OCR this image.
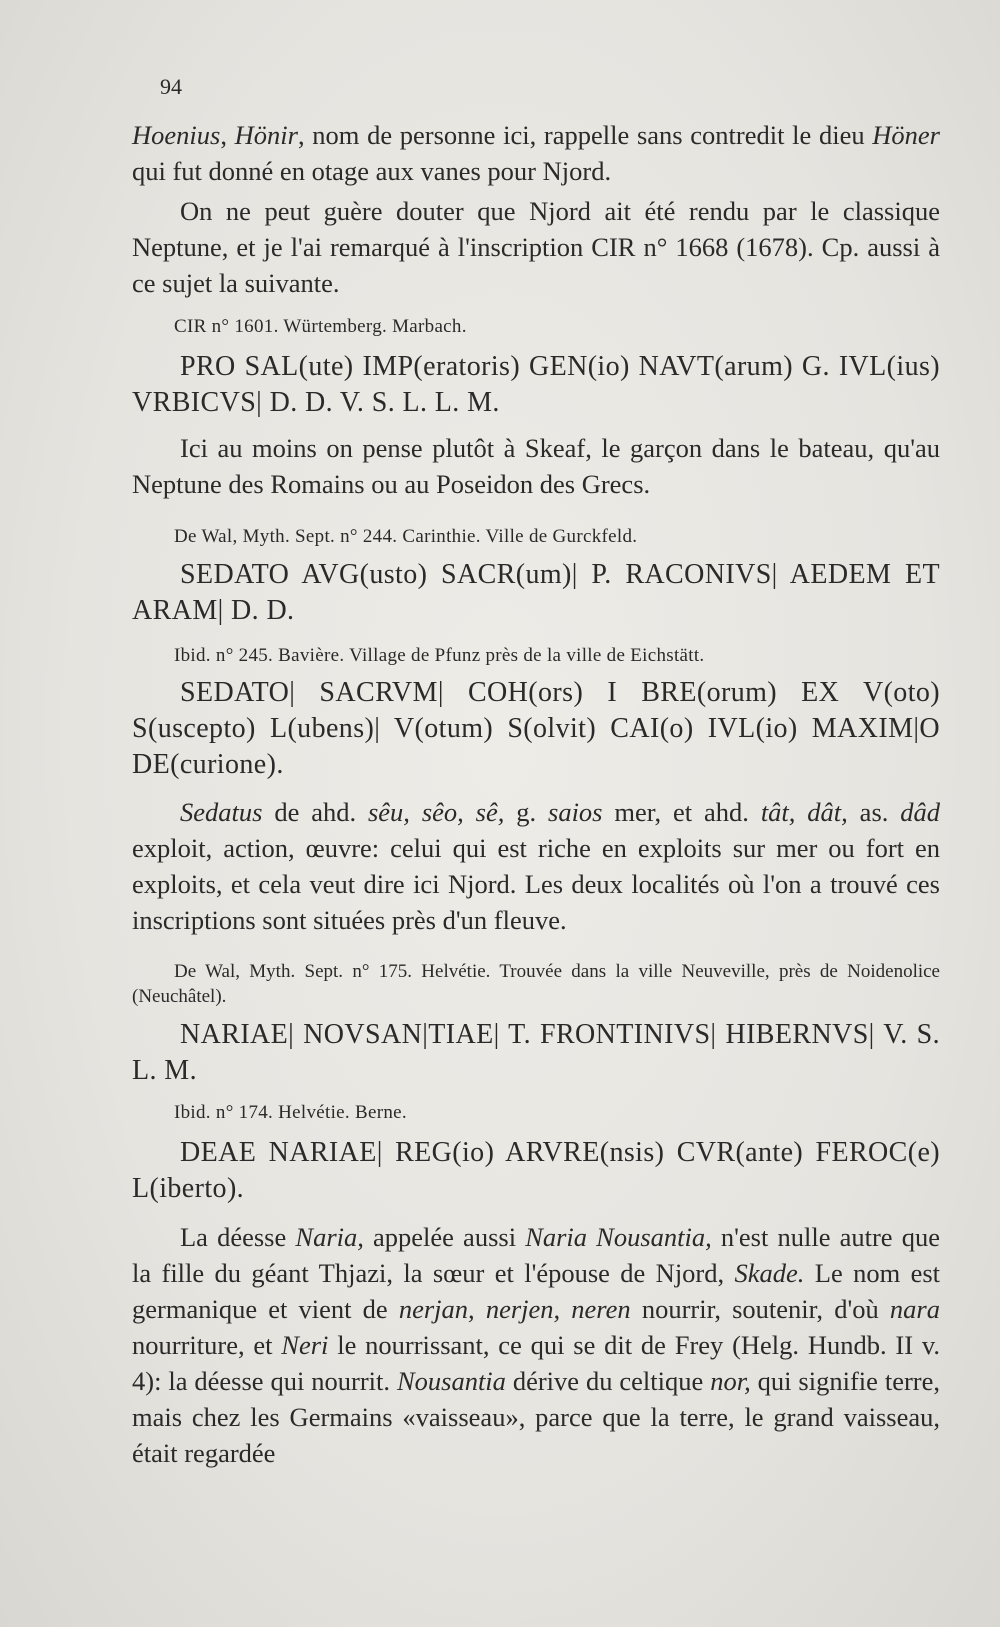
94

Hoenius, Hönir, nom de personne ici, rappelle sans contredit le dieu Höner qui fut donné en otage aux vanes pour Njord.

On ne peut guère douter que Njord ait été rendu par le classique Neptune, et je l'ai remarqué à l'inscription CIR n° 1668 (1678). Cp. aussi à ce sujet la suivante.

CIR n° 1601. Würtemberg. Marbach.

PRO SAL(ute) IMP(eratoris) GEN(io) NAVT(arum) G. IVL(ius) VRBICVS| D. D. V. S. L. L. M.

Ici au moins on pense plutôt à Skeaf, le garçon dans le bateau, qu'au Neptune des Romains ou au Poseidon des Grecs.

De Wal, Myth. Sept. n° 244. Carinthie. Ville de Gurckfeld.

SEDATO AVG(usto) SACR(um)| P. RACONIVS| AEDEM ET ARAM| D. D.

Ibid. n° 245. Bavière. Village de Pfunz près de la ville de Eichstätt.

SEDATO| SACRVM| COH(ors) I BRE(orum) EX V(oto) S(uscepto) L(ubens)| V(otum) S(olvit) CAI(o) IVL(io) MAXIM|O DE(curione).

Sedatus de ahd. sêu, sêo, sê, g. saios mer, et ahd. tât, dât, as. dâd exploit, action, œuvre: celui qui est riche en exploits sur mer ou fort en exploits, et cela veut dire ici Njord. Les deux localités où l'on a trouvé ces inscriptions sont situées près d'un fleuve.

De Wal, Myth. Sept. n° 175. Helvétie. Trouvée dans la ville Neuveville, près de Noidenolice (Neuchâtel).

NARIAE| NOVSAN|TIAE| T. FRONTINIVS| HIBERNVS| V. S. L. M.

Ibid. n° 174. Helvétie. Berne.

DEAE NARIAE| REG(io) ARVRE(nsis) CVR(ante) FEROC(e) L(iberto).

La déesse Naria, appelée aussi Naria Nousantia, n'est nulle autre que la fille du géant Thjazi, la sœur et l'épouse de Njord, Skade. Le nom est germanique et vient de nerjan, nerjen, neren nourrir, soutenir, d'où nara nourriture, et Neri le nourrissant, ce qui se dit de Frey (Helg. Hundb. II v. 4): la déesse qui nourrit. Nousantia dérive du celtique nor, qui signifie terre, mais chez les Germains «vaisseau», parce que la terre, le grand vaisseau, était regardée
